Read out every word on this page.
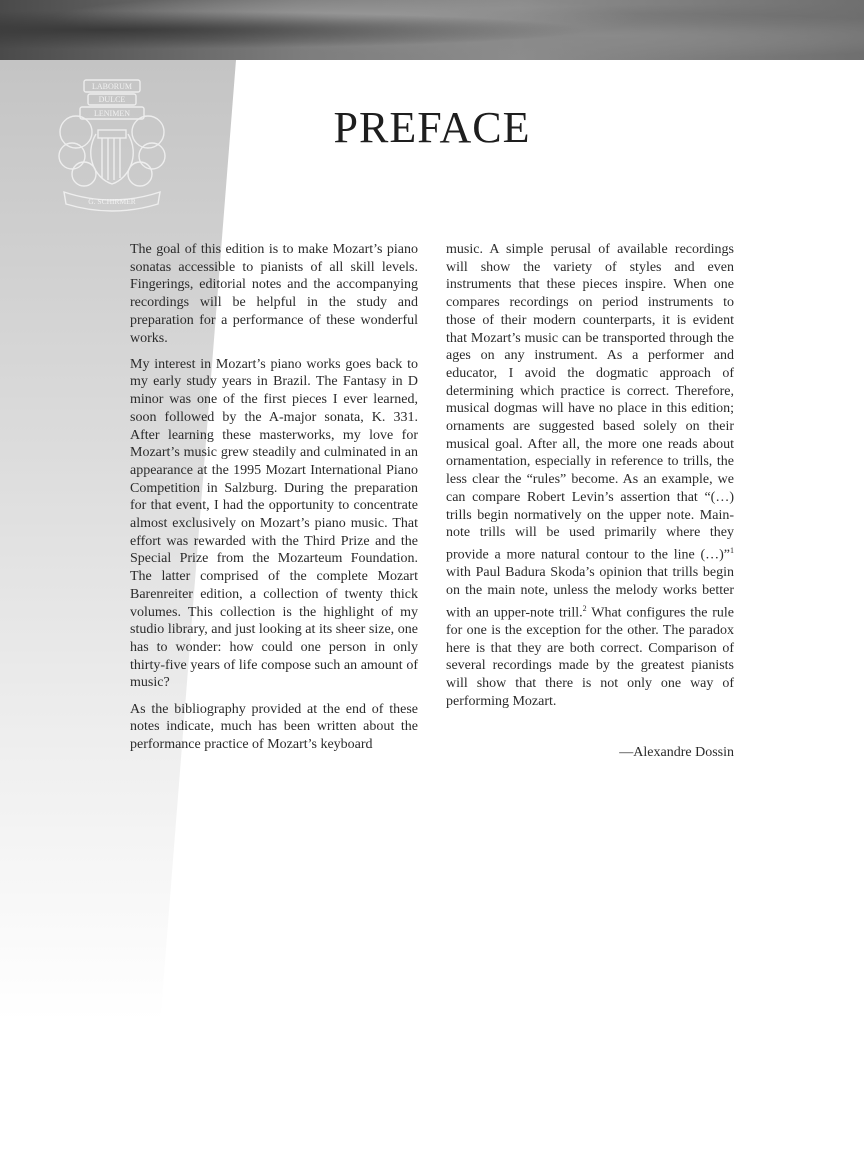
LABORUM
DULCE
LENIMEN
G. SCHIRMER
PREFACE

The goal of this edition is to make Mozart’s piano sonatas accessible to pianists of all skill levels. Fingerings, editorial notes and the accompanying recordings will be helpful in the study and preparation for a performance of these wonderful works.

My interest in Mozart’s piano works goes back to my early study years in Brazil. The Fantasy in D minor was one of the first pieces I ever learned, soon followed by the A-major sonata, K. 331. After learning these masterworks, my love for Mozart’s music grew steadily and culminated in an appearance at the 1995 Mozart International Piano Competition in Salzburg. During the preparation for that event, I had the opportunity to concentrate almost exclusively on Mozart’s piano music. That effort was rewarded with the Third Prize and the Special Prize from the Mozarteum Foundation. The latter comprised of the complete Mozart Barenreiter edition, a collection of twenty thick volumes. This collection is the highlight of my studio library, and just looking at its sheer size, one has to wonder: how could one person in only thirty-five years of life compose such an amount of music?

As the bibliography provided at the end of these notes indicate, much has been written about the performance practice of Mozart’s keyboard

music. A simple perusal of available recordings will show the variety of styles and even instruments that these pieces inspire. When one compares recordings on period instruments to those of their modern counterparts, it is evident that Mozart’s music can be transported through the ages on any instrument. As a performer and educator, I avoid the dogmatic approach of determining which practice is correct. Therefore, musical dogmas will have no place in this edition; ornaments are suggested based solely on their musical goal. After all, the more one reads about ornamentation, especially in reference to trills, the less clear the “rules” become. As an example, we can compare Robert Levin’s assertion that “(…) trills begin normatively on the upper note. Main-note trills will be used primarily where they provide a more natural contour to the line (…)”$^1$ with Paul Badura Skoda’s opinion that trills begin on the main note, unless the melody works better with an upper-note trill.$^2$ What configures the rule for one is the exception for the other. The paradox here is that they are both correct. Comparison of several recordings made by the greatest pianists will show that there is not only one way of performing Mozart.

—Alexandre Dossin
